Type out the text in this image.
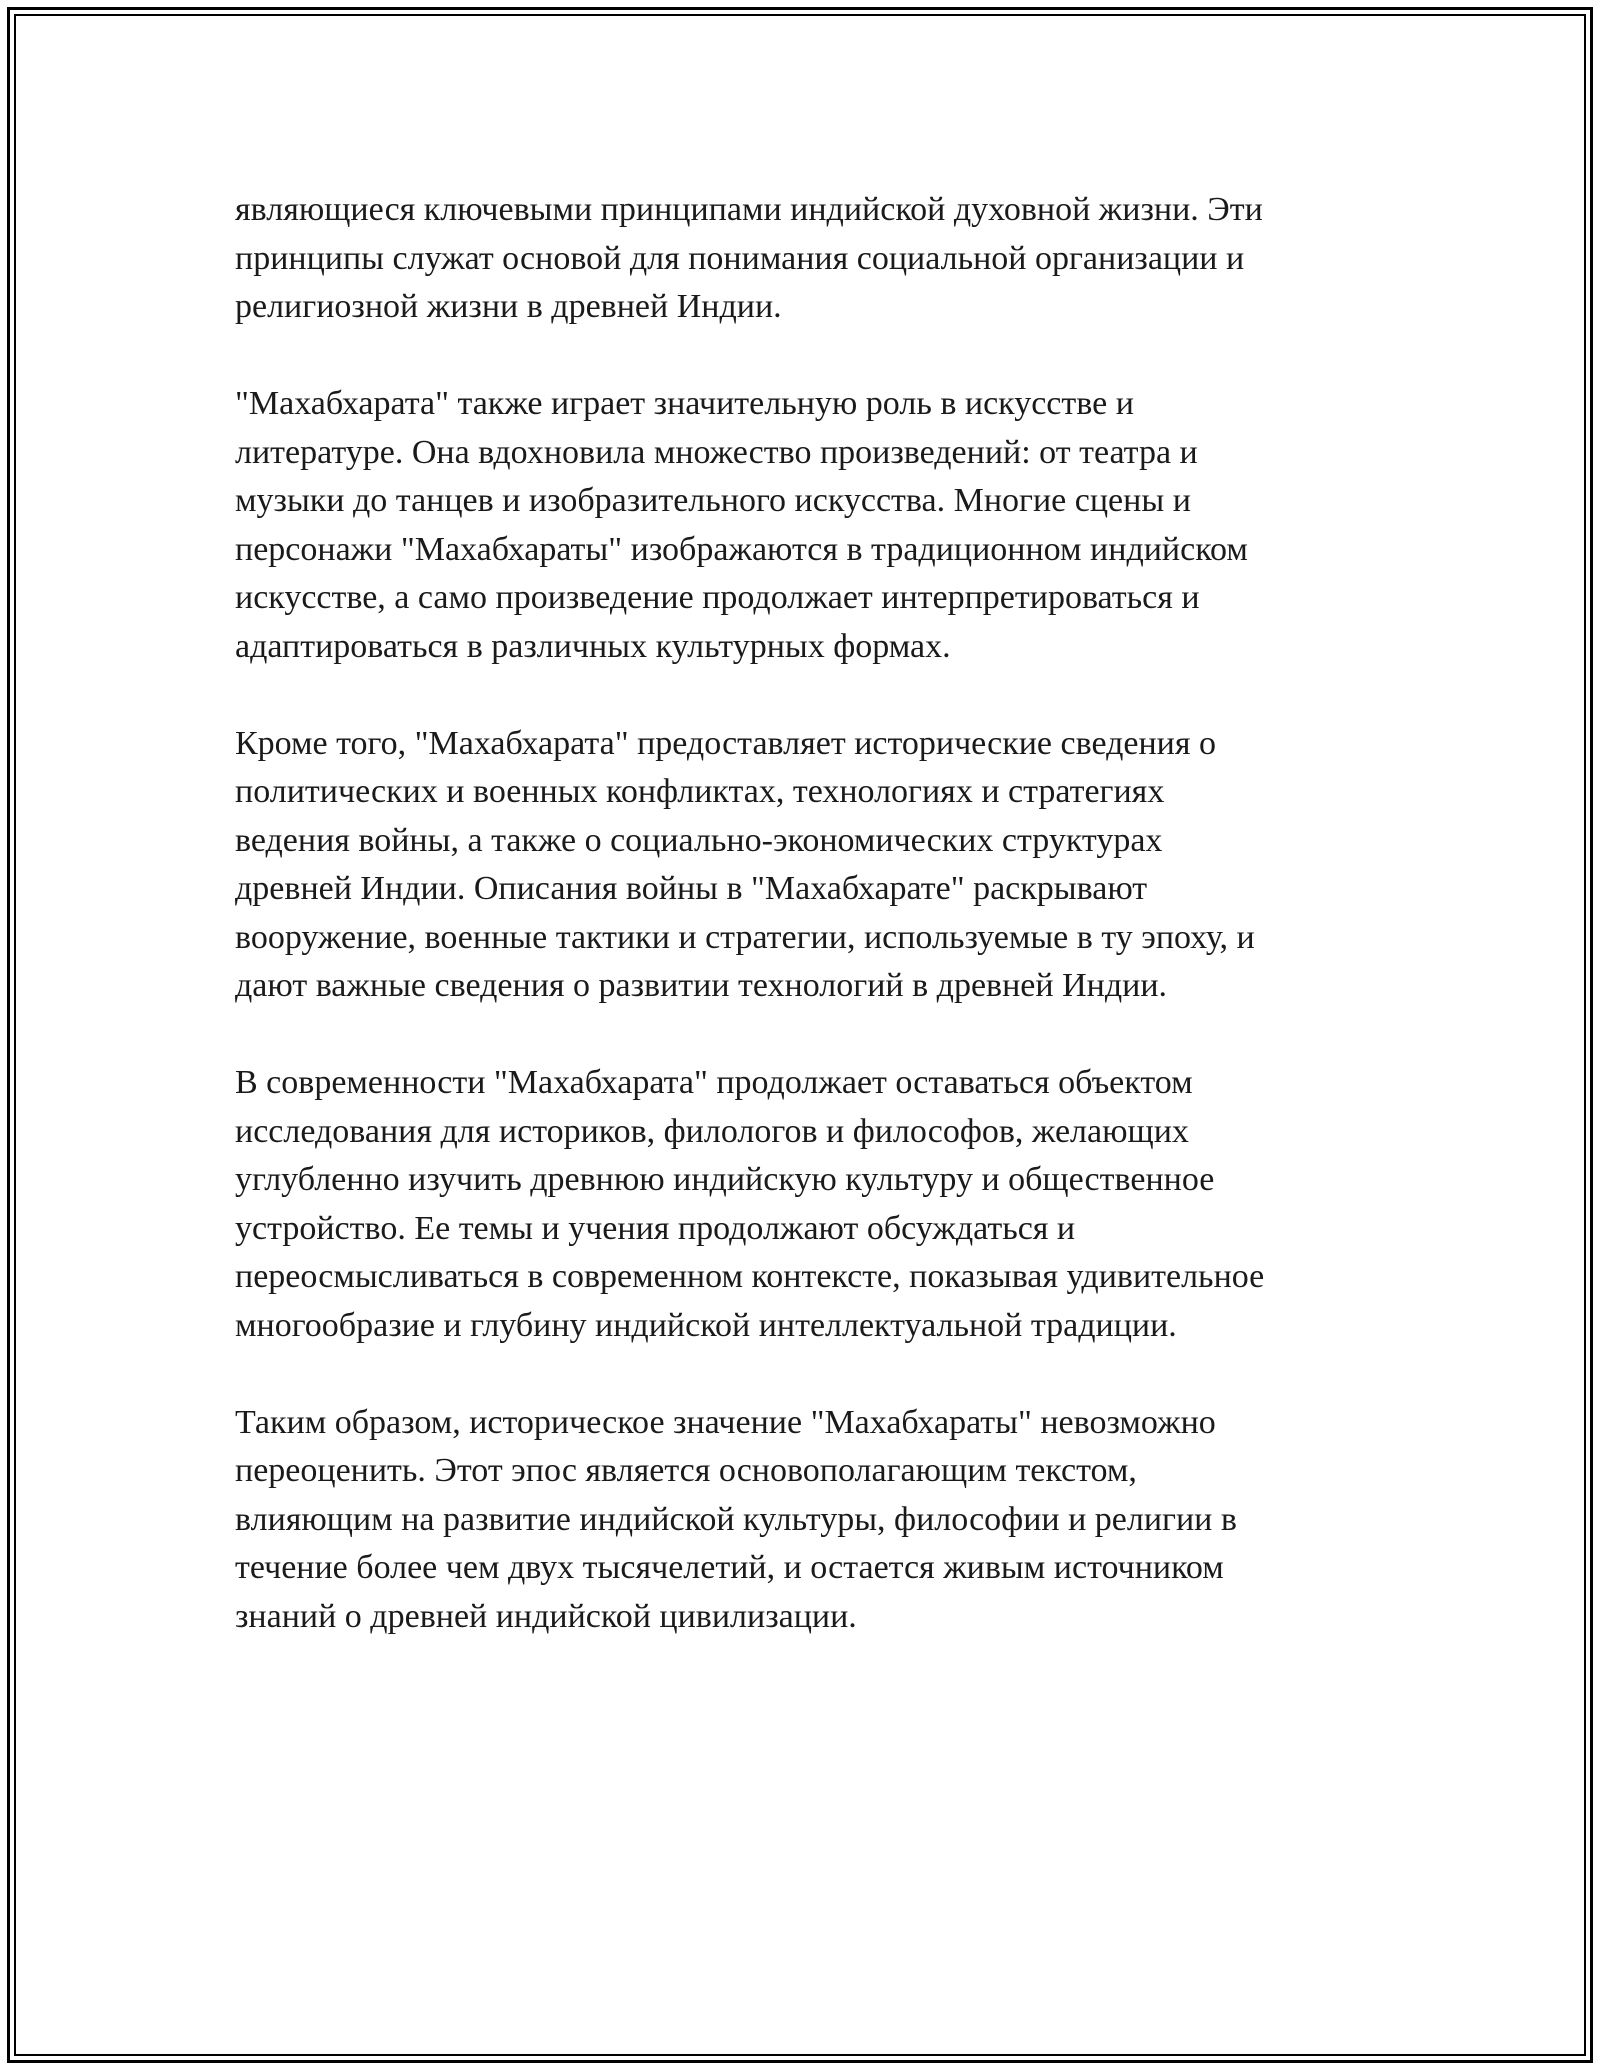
являющиеся ключевыми принципами индийской духовной жизни. Эти
принципы служат основой для понимания социальной организации и
религиозной жизни в древней Индии.

"Махабхарата" также играет значительную роль в искусстве и
литературе. Она вдохновила множество произведений: от театра и
музыки до танцев и изобразительного искусства. Многие сцены и
персонажи "Махабхараты" изображаются в традиционном индийском
искусстве, а само произведение продолжает интерпретироваться и
адаптироваться в различных культурных формах.

Кроме того, "Махабхарата" предоставляет исторические сведения о
политических и военных конфликтах, технологиях и стратегиях
ведения войны, а также о социально-экономических структурах
древней Индии. Описания войны в "Махабхарате" раскрывают
вооружение, военные тактики и стратегии, используемые в ту эпоху, и
дают важные сведения о развитии технологий в древней Индии.

В современности "Махабхарата" продолжает оставаться объектом
исследования для историков, филологов и философов, желающих
углубленно изучить древнюю индийскую культуру и общественное
устройство. Ее темы и учения продолжают обсуждаться и
переосмысливаться в современном контексте, показывая удивительное
многообразие и глубину индийской интеллектуальной традиции.

Таким образом, историческое значение "Махабхараты" невозможно
переоценить. Этот эпос является основополагающим текстом,
влияющим на развитие индийской культуры, философии и религии в
течение более чем двух тысячелетий, и остается живым источником
знаний о древней индийской цивилизации.
